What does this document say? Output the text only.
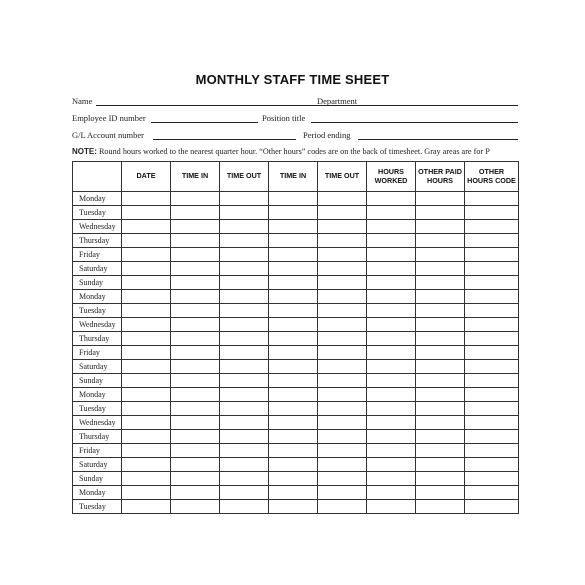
MONTHLY STAFF TIME SHEET
Name	Department
Employee ID number	Position title
G/L Account number	Period ending
NOTE: Round hours worked to the nearest quarter hour. “Other hours” codes are on the back of timesheet. Gray areas are for P
	DATE	TIME IN	TIME OUT	TIME IN	TIME OUT	HOURS WORKED	OTHER PAID HOURS	OTHER HOURS CODE
Monday								
Tuesday								
Wednesday								
Thursday								
Friday								
Saturday								
Sunday								
Monday								
Tuesday								
Wednesday								
Thursday								
Friday								
Saturday								
Sunday								
Monday								
Tuesday								
Wednesday								
Thursday								
Friday								
Saturday								
Sunday								
Monday								
Tuesday								
